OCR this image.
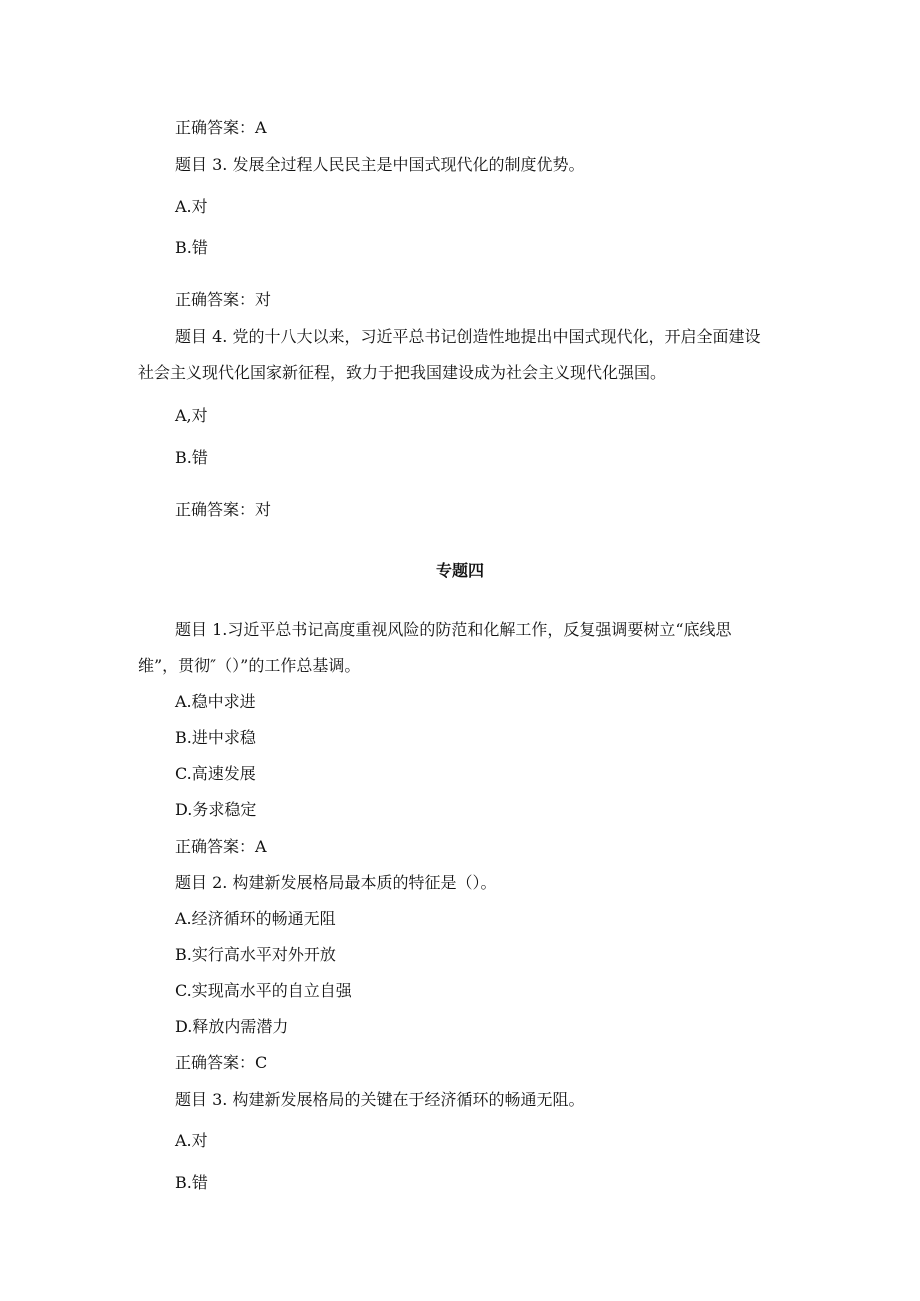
正确答案：A
题目 3. 发展全过程人民民主是中国式现代化的制度优势。
A.对
B.错
正确答案：对
题目 4. 党的十八大以来，习近平总书记创造性地提出中国式现代化，开启全面建设
社会主义现代化国家新征程，致力于把我国建设成为社会主义现代化强国。
A,对
B.错
正确答案：对
专题四
题目 1.习近平总书记高度重视风险的防范和化解工作，反复强调要树立“底线思
维”，贯彻″（）”的工作总基调。
A.稳中求进
B.进中求稳
C.高速发展
D.务求稳定
正确答案：A
题目 2. 构建新发展格局最本质的特征是（）。
A.经济循环的畅通无阻
B.实行高水平对外开放
C.实现高水平的自立自强
D.释放内需潜力
正确答案：C
题目 3. 构建新发展格局的关键在于经济循环的畅通无阻。
A.对
B.错
